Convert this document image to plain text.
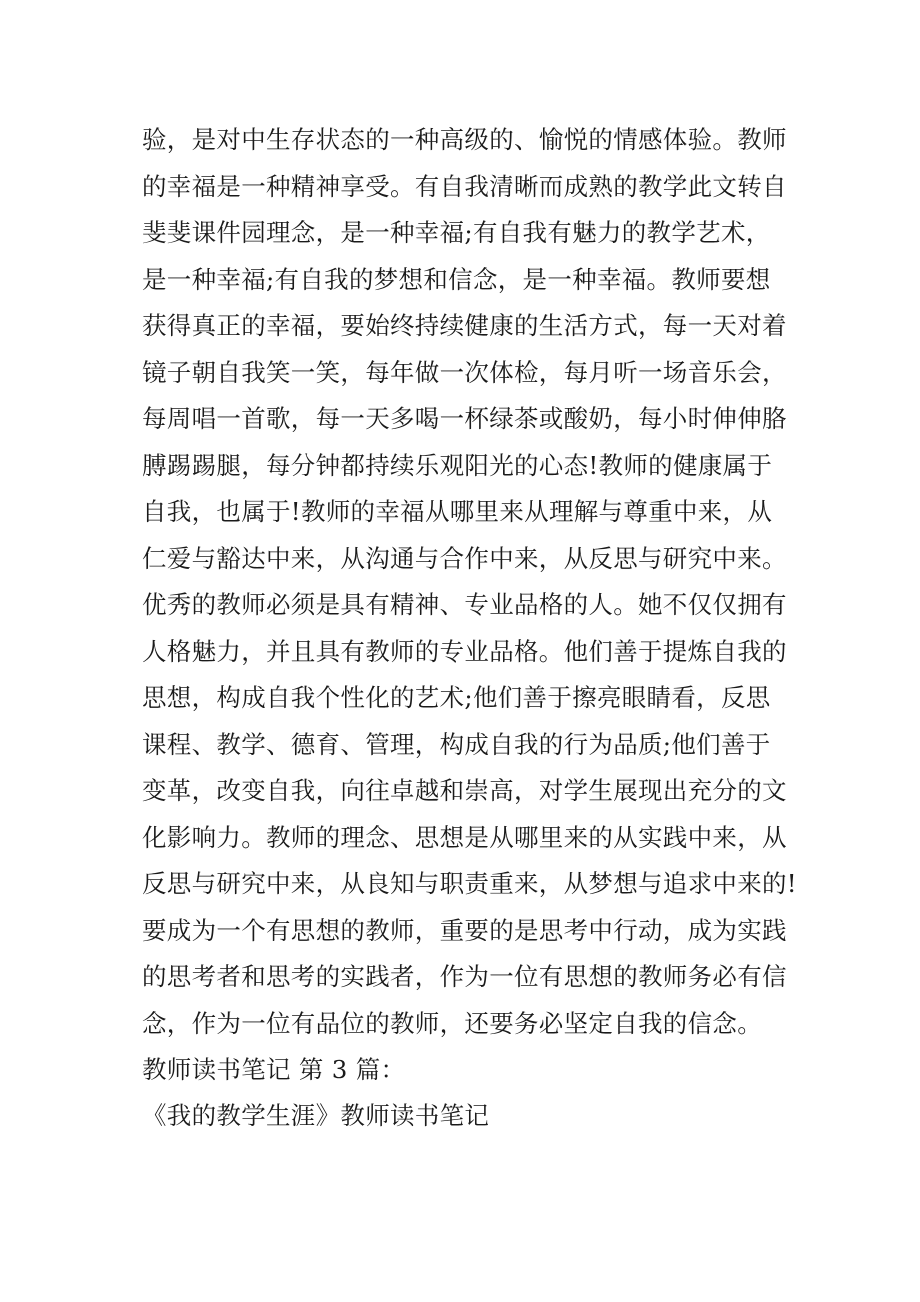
验，是对中生存状态的一种高级的、愉悦的情感体验。教师
的幸福是一种精神享受。有自我清晰而成熟的教学此文转自
斐斐课件园理念，是一种幸福;有自我有魅力的教学艺术，
是一种幸福;有自我的梦想和信念，是一种幸福。教师要想
获得真正的幸福，要始终持续健康的生活方式，每一天对着
镜子朝自我笑一笑，每年做一次体检，每月听一场音乐会，
每周唱一首歌，每一天多喝一杯绿茶或酸奶，每小时伸伸胳
膊踢踢腿，每分钟都持续乐观阳光的心态!教师的健康属于
自我，也属于!教师的幸福从哪里来从理解与尊重中来，从
仁爱与豁达中来，从沟通与合作中来，从反思与研究中来。
优秀的教师必须是具有精神、专业品格的人。她不仅仅拥有
人格魅力，并且具有教师的专业品格。他们善于提炼自我的
思想，构成自我个性化的艺术;他们善于擦亮眼睛看，反思
课程、教学、德育、管理，构成自我的行为品质;他们善于
变革，改变自我，向往卓越和崇高，对学生展现出充分的文
化影响力。教师的理念、思想是从哪里来的从实践中来，从
反思与研究中来，从良知与职责重来，从梦想与追求中来的!
要成为一个有思想的教师，重要的是思考中行动，成为实践
的思考者和思考的实践者，作为一位有思想的教师务必有信
念，作为一位有品位的教师，还要务必坚定自我的信念。
教师读书笔记 第 3 篇：
《我的教学生涯》教师读书笔记
